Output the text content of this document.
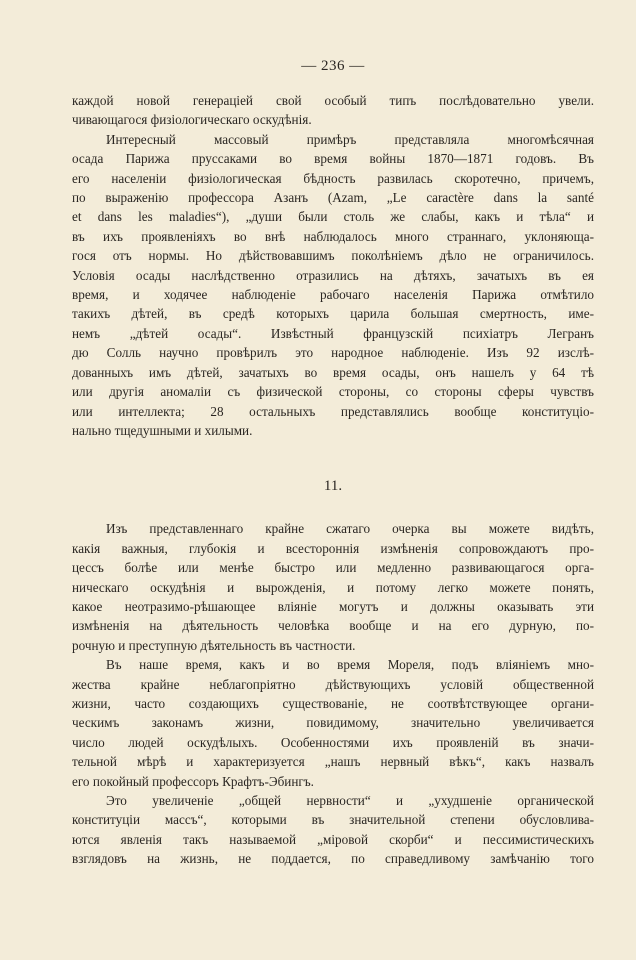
— 236 —
каждой новой генераціей свой особый типъ послѣдовательно увели.
чивающагося физіологическаго оскудѣнія.
Интересный массовый примѣръ представляла многомѣсячная
осада Парижа пруссаками во время войны 1870—1871 годовъ. Въ
его населеніи физіологическая бѣдность развилась скоротечно, причемъ,
по выраженію профессора Азанъ (Azam, „Le caractère dans la santé
et dans les maladies“), „души были столь же слабы, какъ и тѣла“ и
въ ихъ проявленіяхъ во внѣ наблюдалось много страннаго, уклоняюща-
гося отъ нормы. Но дѣйствовавшимъ поколѣніемъ дѣло не ограничилось.
Условія осады наслѣдственно отразились на дѣтяхъ, зачатыхъ въ ея
время, и ходячее наблюденіе рабочаго населенія Парижа отмѣтило
такихъ дѣтей, въ средѣ которыхъ царила большая смертность, име-
немъ „дѣтей осады“. Извѣстный французскій психіатръ Легранъ
дю Солль научно провѣрилъ это народное наблюденіе. Изъ 92 изслѣ-
дованныхъ имъ дѣтей, зачатыхъ во время осады, онъ нашелъ у 64 тѣ
или другія аномаліи съ физической стороны, со стороны сферы чувствъ
или интеллекта; 28 остальныхъ представлялись вообще конституціо-
нально тщедушными и хилыми.
11.
Изъ представленнаго крайне сжатаго очерка вы можете видѣть,
какія важныя, глубокія и всестороннія измѣненія сопровождаютъ про-
цессъ болѣе или менѣе быстро или медленно развивающагося орга-
ническаго оскудѣнія и вырожденія, и потому легко можете понять,
какое неотразимо-рѣшающее вліяніе могутъ и должны оказывать эти
измѣненія на дѣятельность человѣка вообще и на его дурную, по-
рочную и преступную дѣятельность въ частности.
Въ наше время, какъ и во время Мореля, подъ вліяніемъ мно-
жества крайне неблагопріятно дѣйствующихъ условій общественной
жизни, часто создающихъ существованіе, не соотвѣтствующее органи-
ческимъ законамъ жизни, повидимому, значительно увеличивается
число людей оскудѣлыхъ. Особенностями ихъ проявленій въ значи-
тельной мѣрѣ и характеризуется „нашъ нервный вѣкъ“, какъ назвалъ
его покойный профессоръ Крафтъ-Эбингъ.
Это увеличеніе „общей нервности“ и „ухудшеніе органической
конституціи массъ“, которыми въ значительной степени обусловлива-
ются явленія такъ называемой „міровой скорби“ и пессимистическихъ
взглядовъ на жизнь, не поддается, по справедливому замѣчанію того
